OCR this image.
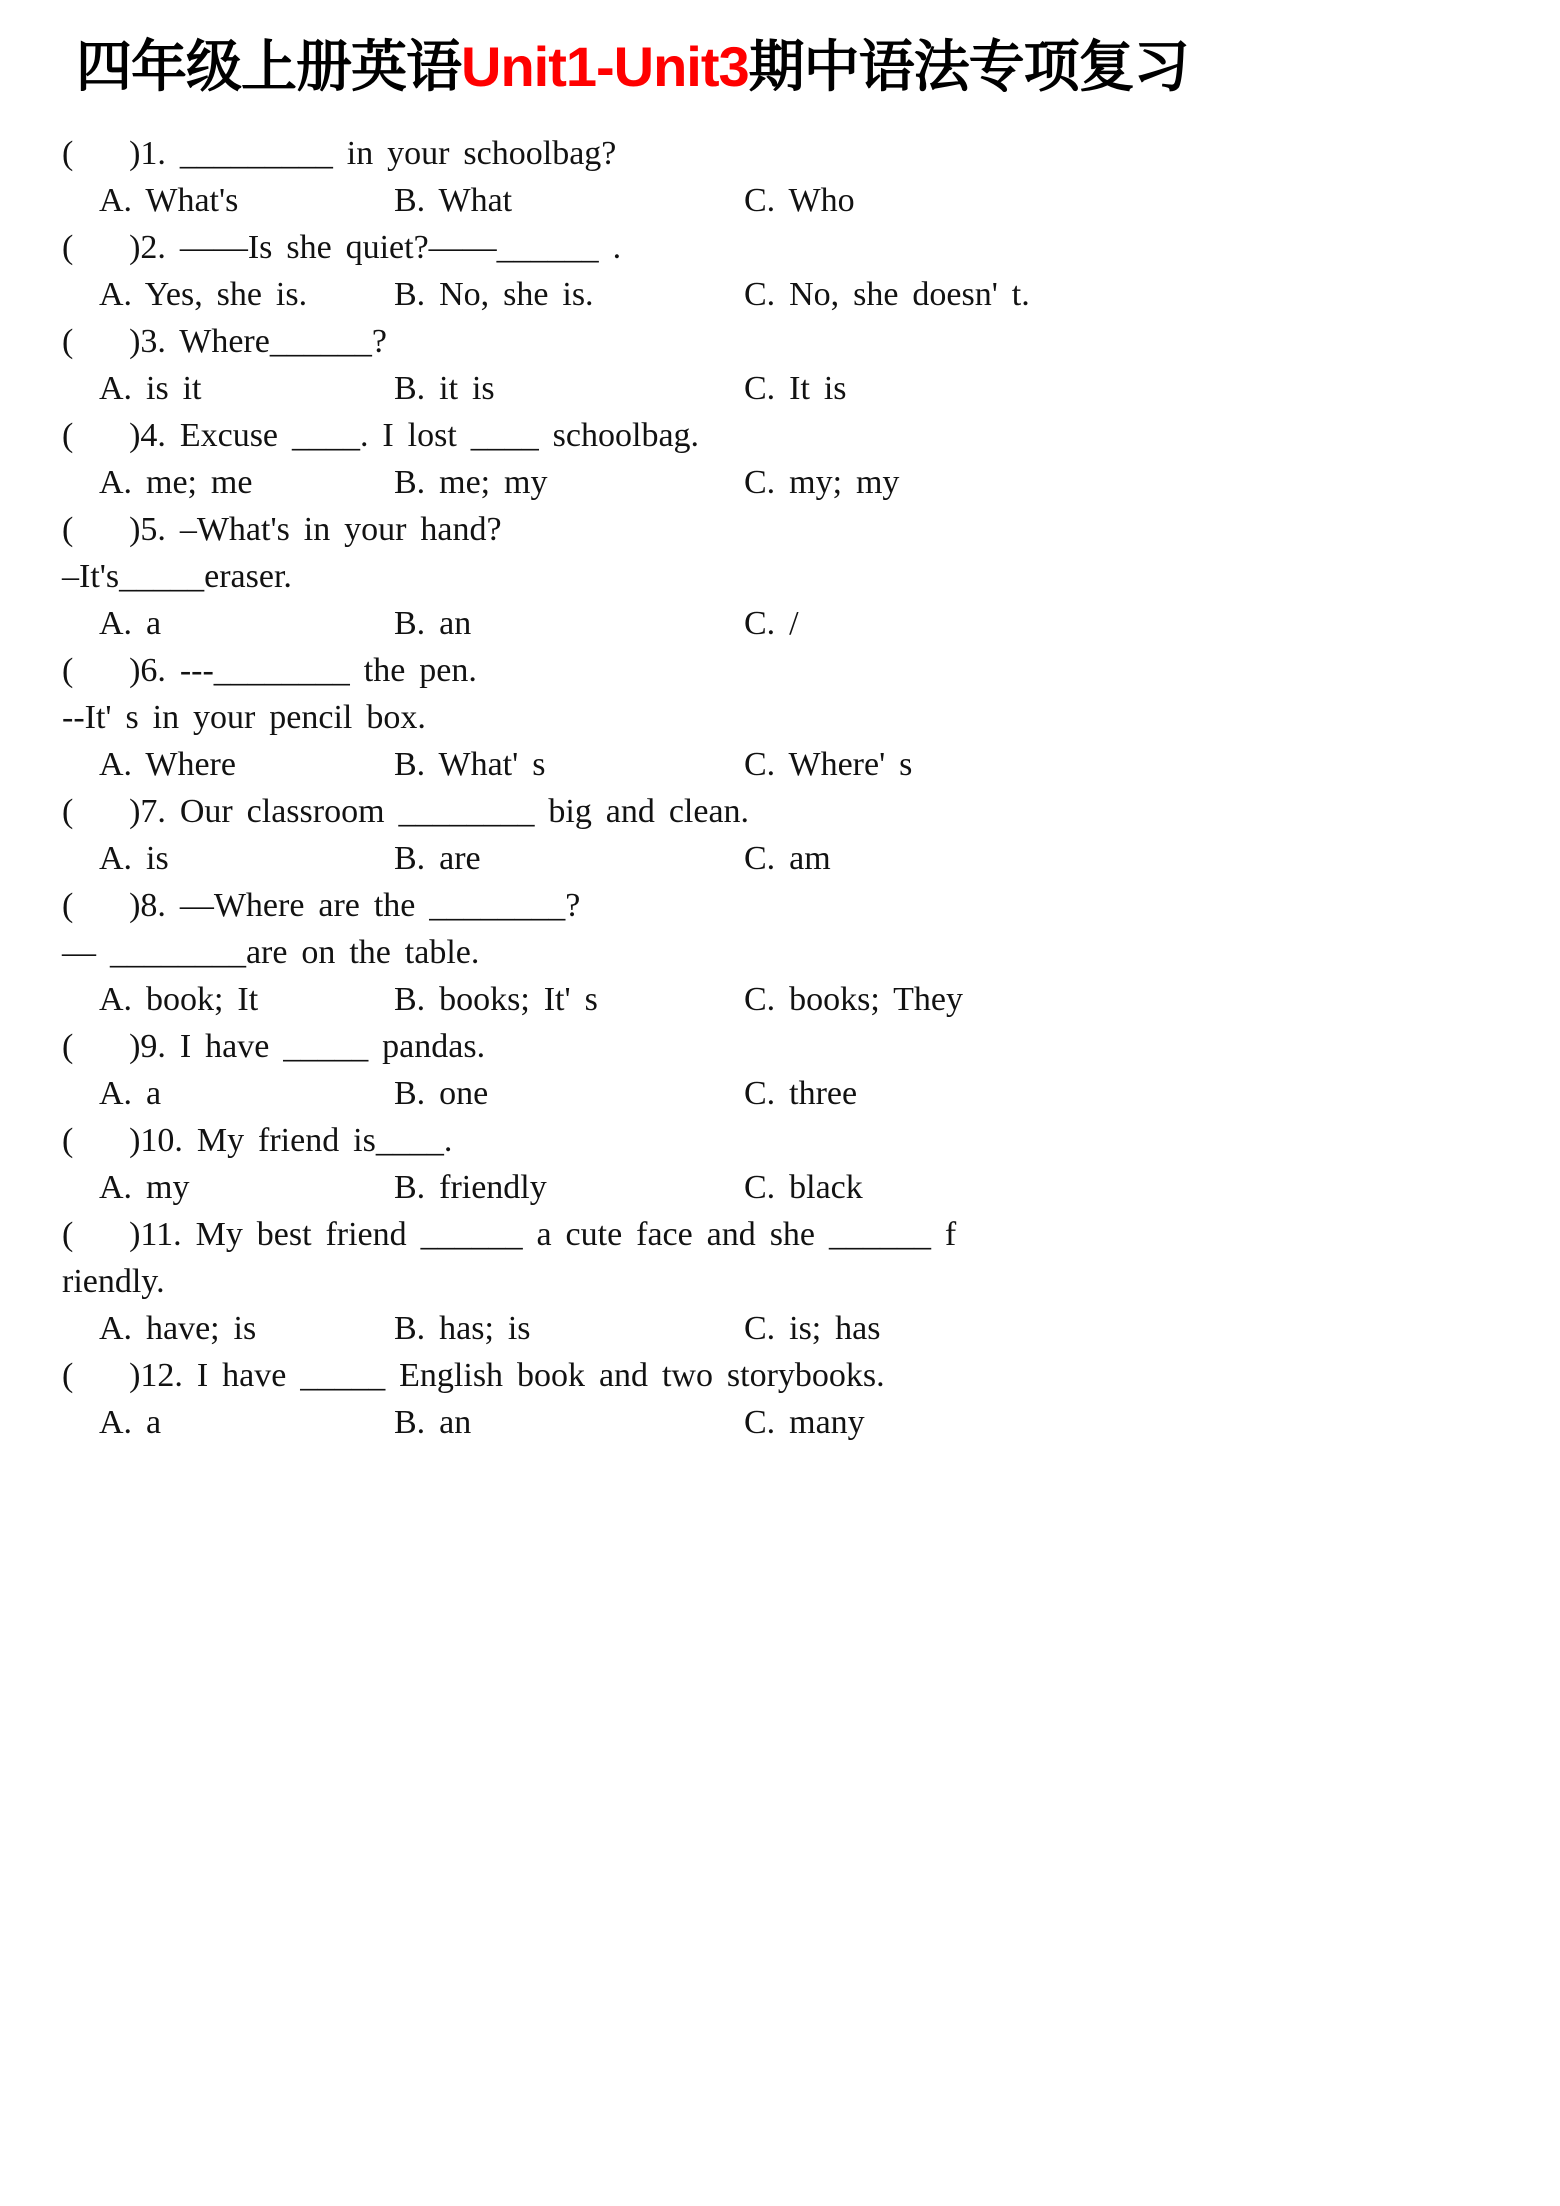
四年级上册英语Unit1-Unit3期中语法专项复习
(    )1. _________ in your schoolbag?
A. What's	B. What	C. Who
(    )2. ——Is she quiet?——______ .
A. Yes, she is.	B. No, she is.	C. No, she doesn' t.
(    )3. Where______?
A. is it	B. it is	C. It is
(    )4. Excuse ____. I lost ____ schoolbag.
A. me; me	B. me; my	C. my; my
(    )5. –What's in your hand?
–It's_____eraser.
A. a	B. an	C. /
(    )6. ---________ the pen.
--It' s in your pencil box.
A. Where	B. What' s	C. Where' s
(    )7. Our classroom ________ big and clean.
A. is	B. are	C. am
(    )8. —Where are the ________?
— ________are on the table.
A. book; It	B. books; It' s	C. books; They
(    )9. I have _____ pandas.
A. a	B. one	C. three
(    )10. My friend is____.
A. my	B. friendly	C. black
(    )11. My best friend ______ a cute face and she ______ f
riendly.
A. have; is	B. has; is	C. is; has
(    )12. I have _____ English book and two storybooks.
A. a	B. an	C. many
